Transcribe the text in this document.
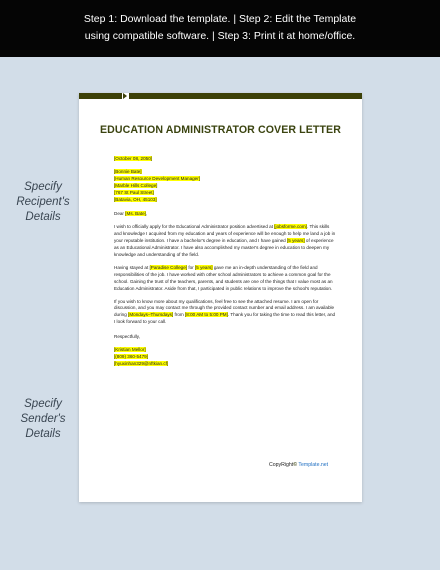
Step 1: Download the template. | Step 2: Edit the Template
using compatible software. | Step 3: Print it at home/office.
Specify Recipent's Details
Specify Sender's Details
EDUCATION ADMINISTRATOR COVER LETTER

[October 08, 2050]

[Bonnie Bate]

[Human Resource Development Manager]

[Marble Hills College]

[767 St Paul Street]

[Batavia, OH, 45103]

Dear [Ms. Bate],

I wish to officially apply for the Educational Administrator position advertised at [jobsforme.com]. This skills and knowledge I acquired from my education and years of experience will be enough to help me land a job in your reputable institution. I have a bachelor's degree in education, and I have gained [5 years] of experience as an Educational Administrator. I have also accomplished my master's degree in education to deepen my knowledge and understanding of the field.

Having stayed at [Paradise College] for [5 years] gave me an in-depth understanding of the field and responsibilities of the job. I have worked with other school administrators to achieve a common goal for the school. Gaining the trust of the teachers, parents, and students are one of the things that I value most as an Education Administrator. Aside from that, I participated in public relations to improve the school's reputation.

If you wish to know more about my qualifications, feel free to see the attached resume. I am open for discussion, and you may contact me through the provided contact number and email address. I am available during [Mondays–Thursdays] from [8:00 AM to 5:00 PM]. Thank you for taking the time to read this letter, and I look forward to your call.

Respectfully,

[Kristian Mellor]

[(809) 360-5479]

[hyuxinhan329@nftkian.cf]

CopyRight© Template.net
